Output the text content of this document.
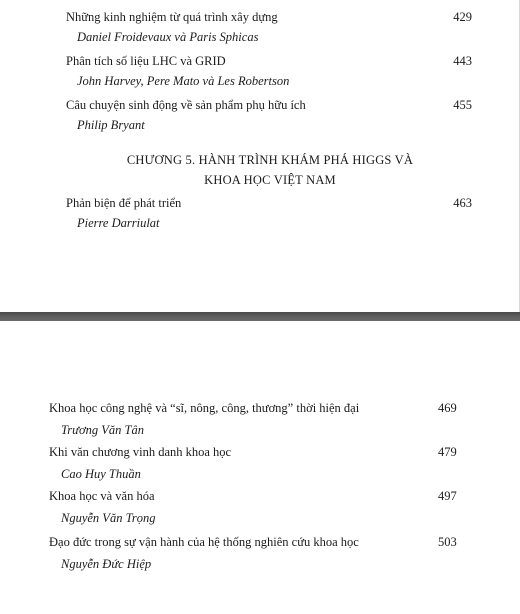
Những kinh nghiệm từ quá trình xây dựng
Daniel Froidevaux và Paris Sphicas
429
Phân tích số liệu LHC và GRID
John Harvey, Pere Mato và Les Robertson
443
Câu chuyện sinh động về sản phẩm phụ hữu ích
Philip Bryant
455
CHƯƠNG 5. HÀNH TRÌNH KHÁM PHÁ HIGGS VÀ
KHOA HỌC VIỆT NAM
Phản biện để phát triển
Pierre Darriulat
463
Khoa học công nghệ và “sĩ, nông, công, thương” thời hiện đại
Trương Văn Tân
469
Khi văn chương vinh danh khoa học
Cao Huy Thuần
479
Khoa học và văn hóa
Nguyễn Văn Trọng
497
Đạo đức trong sự vận hành của hệ thống nghiên cứu khoa học
Nguyễn Đức Hiệp
503
